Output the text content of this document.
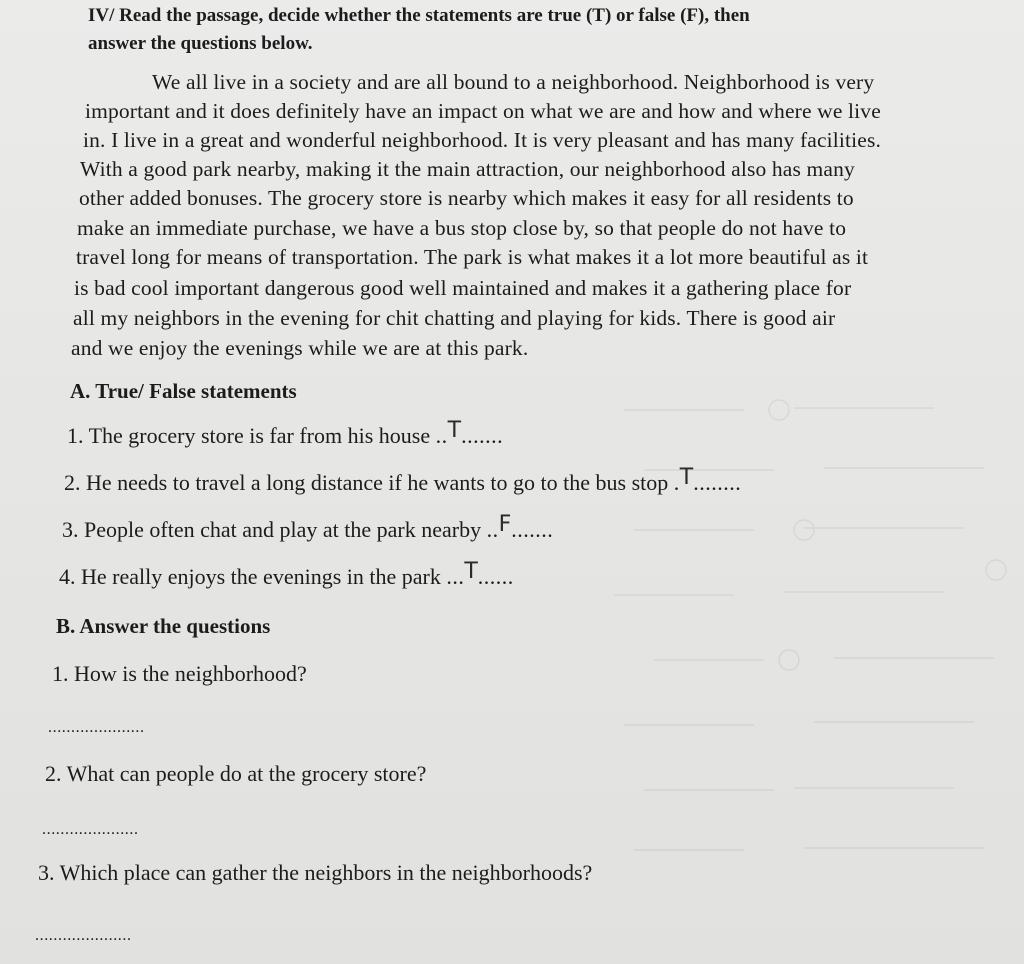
IV/ Read the passage, decide whether the statements are true (T) or false (F), then
answer the questions below.
We all live in a society and are all bound to a neighborhood. Neighborhood is very
important and it does definitely have an impact on what we are and how and where we live
in. I live in a great and wonderful neighborhood. It is very pleasant and has many facilities.
With a good park nearby, making it the main attraction, our neighborhood also has many
other added bonuses. The grocery store is nearby which makes it easy for all residents to
make an immediate purchase, we have a bus stop close by, so that people do not have to
travel long for means of transportation. The park is what makes it a lot more beautiful as it
is bad cool important dangerous good well maintained and makes it a gathering place for
all my neighbors in the evening for chit chatting and playing for kids. There is good air
and we enjoy the evenings while we are at this park.
A. True/ False statements
1. The grocery store is far from his house ..T.......
2. He needs to travel a long distance if he wants to go to the bus stop .T........
3. People often chat and play at the park nearby ..F.......
4. He really enjoys the evenings in the park ...T......
B. Answer the questions
1. How is the neighborhood?
.....................
2. What can people do at the grocery store?
.....................
3. Which place can gather the neighbors in the neighborhoods?
.....................
